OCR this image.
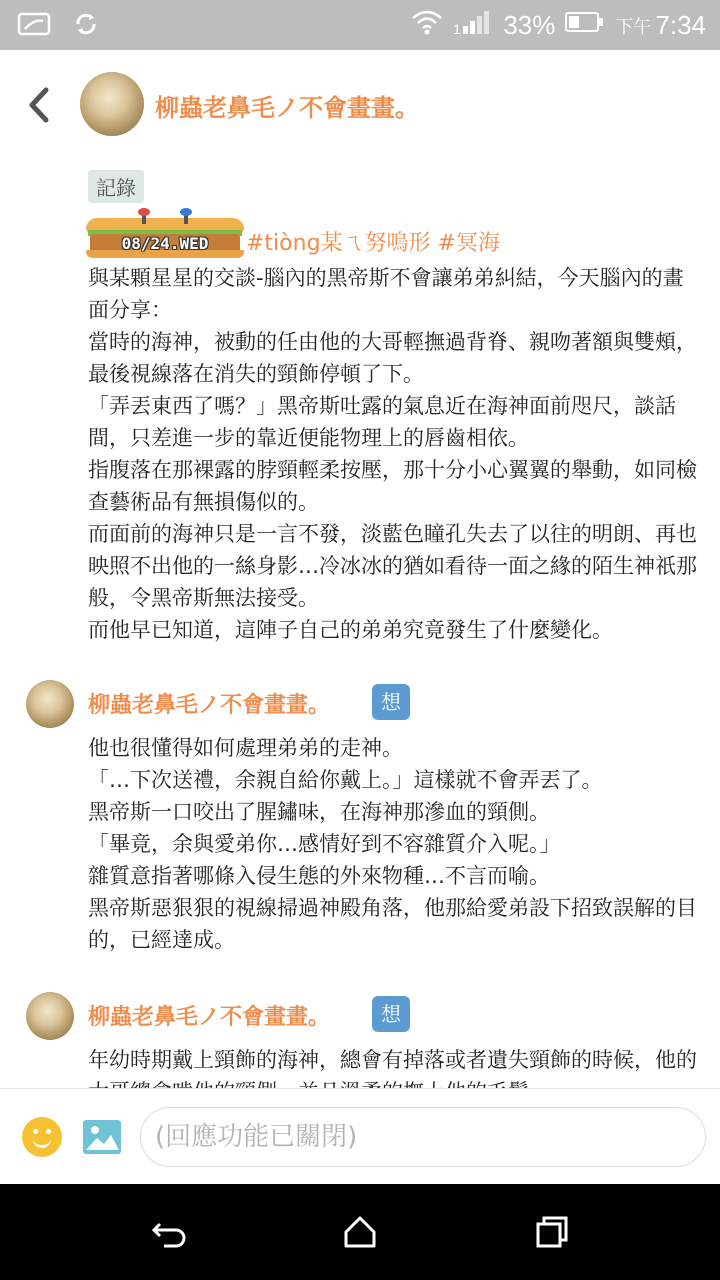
1 33%	下午 7:34
柳蟲老鼻毛ノ不會畫畫。
記錄
08/24.WED	#tiòng某ㄟ努嗚形 #冥海

與某顆星星的交談-腦內的黑帝斯不會讓弟弟糾結，今天腦內的畫面分享：

當時的海神，被動的任由他的大哥輕撫過背脊、親吻著額與雙頰，最後視線落在消失的頸飾停頓了下。

「弄丟東西了嗎？」黑帝斯吐露的氣息近在海神面前咫尺，談話間，只差進一步的靠近便能物理上的唇齒相依。

指腹落在那裸露的脖頸輕柔按壓，那十分小心翼翼的舉動，如同檢查藝術品有無損傷似的。

而面前的海神只是一言不發，淡藍色瞳孔失去了以往的明朗、再也映照不出他的一絲身影…冷冰冰的猶如看待一面之緣的陌生神祇那般，令黑帝斯無法接受。

而他早已知道，這陣子自己的弟弟究竟發生了什麼變化。

柳蟲老鼻毛ノ不會畫畫。	想

他也很懂得如何處理弟弟的走神。

「…下次送禮，余親自給你戴上。」這樣就不會弄丟了。

黑帝斯一口咬出了腥鏽味，在海神那滲血的頸側。

「畢竟，余與愛弟你…感情好到不容雜質介入呢。」

雜質意指著哪條入侵生態的外來物種…不言而喻。

黑帝斯惡狠狠的視線掃過神殿角落，他那給愛弟設下招致誤解的目的，已經達成。

柳蟲老鼻毛ノ不會畫畫。	想

年幼時期戴上頸飾的海神，總會有掉落或者遺失頸飾的時候，他的

(回應功能已關閉)
